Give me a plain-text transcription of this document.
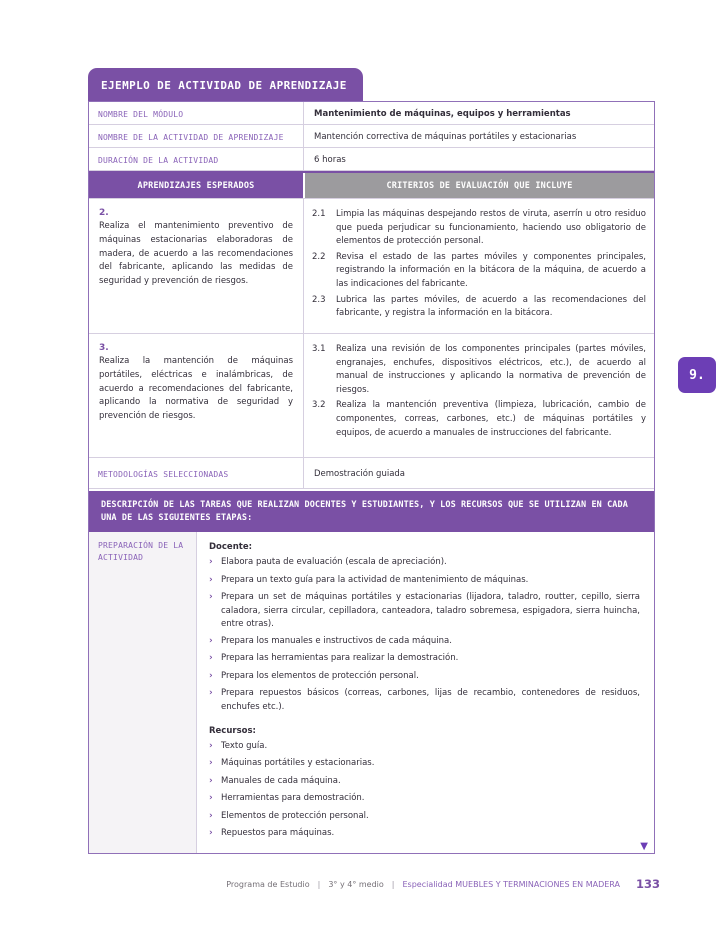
EJEMPLO DE ACTIVIDAD DE APRENDIZAJE
NOMBRE DEL MÓDULO	Mantenimiento de máquinas, equipos y herramientas
NOMBRE DE LA ACTIVIDAD DE APRENDIZAJE	Mantención correctiva de máquinas portátiles y estacionarias
DURACIÓN DE LA ACTIVIDAD	6 horas
APRENDIZAJES ESPERADOS	CRITERIOS DE EVALUACIÓN QUE INCLUYE
2.
Realiza el mantenimiento preventivo de máquinas estacionarias elaboradoras de madera, de acuerdo a las recomendaciones del fabricante, aplicando las medidas de seguridad y prevención de riesgos.
2.1	Limpia las máquinas despejando restos de viruta, aserrín u otro residuo que pueda perjudicar su funcionamiento, haciendo uso obligatorio de elementos de protección personal.
2.2	Revisa el estado de las partes móviles y componentes principales, registrando la información en la bitácora de la máquina, de acuerdo a las indicaciones del fabricante.
2.3	Lubrica las partes móviles, de acuerdo a las recomendaciones del fabricante, y registra la información en la bitácora.
3.
Realiza la mantención de máquinas portátiles, eléctricas e inalámbricas, de acuerdo a recomendaciones del fabricante, aplicando la normativa de seguridad y prevención de riesgos.
3.1	Realiza una revisión de los componentes principales (partes móviles, engranajes, enchufes, dispositivos eléctricos, etc.), de acuerdo al manual de instrucciones y aplicando la normativa de prevención de riesgos.
3.2	Realiza la mantención preventiva (limpieza, lubricación, cambio de componentes, correas, carbones, etc.) de máquinas portátiles y equipos, de acuerdo a manuales de instrucciones del fabricante.
METODOLOGÍAS SELECCIONADAS	Demostración guiada
DESCRIPCIÓN DE LAS TAREAS QUE REALIZAN DOCENTES Y ESTUDIANTES, Y LOS RECURSOS QUE SE UTILIZAN EN CADA UNA DE LAS SIGUIENTES ETAPAS:
PREPARACIÓN DE LA ACTIVIDAD
Docente:
› Elabora pauta de evaluación (escala de apreciación).
› Prepara un texto guía para la actividad de mantenimiento de máquinas.
› Prepara un set de máquinas portátiles y estacionarias (lijadora, taladro, routter, cepillo, sierra caladora, sierra circular, cepilladora, canteadora, taladro sobremesa, espigadora, sierra huincha, entre otras).
› Prepara los manuales e instructivos de cada máquina.
› Prepara las herramientas para realizar la demostración.
› Prepara los elementos de protección personal.
› Prepara repuestos básicos (correas, carbones, lijas de recambio, contenedores de residuos, enchufes etc.).
Recursos:
› Texto guía.
› Máquinas portátiles y estacionarias.
› Manuales de cada máquina.
› Herramientas para demostración.
› Elementos de protección personal.
› Repuestos para máquinas.
▼
9.
Programa de Estudio | 3° y 4° medio | Especialidad MUEBLES Y TERMINACIONES EN MADERA 133
